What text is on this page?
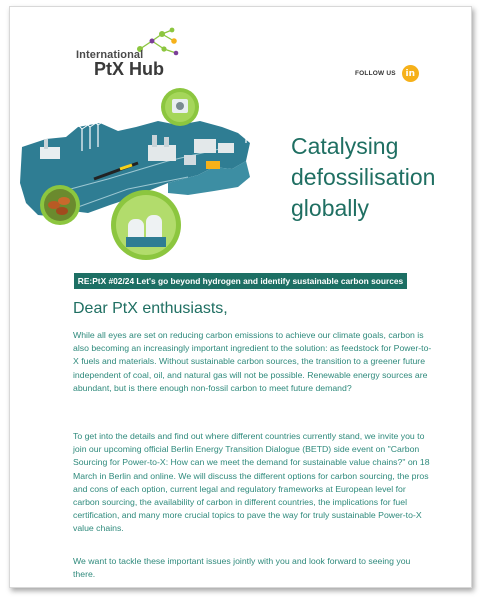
International
PtX Hub	FOLLOW US	in
Catalysing
defossilisation
globally
RE:PtX #02/24 Let's go beyond hydrogen and identify sustainable carbon sources
Dear PtX enthusiasts,

While all eyes are set on reducing carbon emissions to achieve our climate goals, carbon is also becoming an increasingly important ingredient to the solution: as feedstock for Power-to-X fuels and materials. Without sustainable carbon sources, the transition to a greener future independent of coal, oil, and natural gas will not be possible. Renewable energy sources are abundant, but is there enough non-fossil carbon to meet future demand?

To get into the details and find out where different countries currently stand, we invite you to join our upcoming official Berlin Energy Transition Dialogue (BETD) side event on "Carbon Sourcing for Power-to-X: How can we meet the demand for sustainable value chains?" on 18 March in Berlin and online. We will discuss the different options for carbon sourcing, the pros and cons of each option, current legal and regulatory frameworks at European level for carbon sourcing, the availability of carbon in different countries, the implications for fuel certification, and many more crucial topics to pave the way for truly sustainable Power-to-X value chains.

We want to tackle these important issues jointly with you and look forward to seeing you there.
